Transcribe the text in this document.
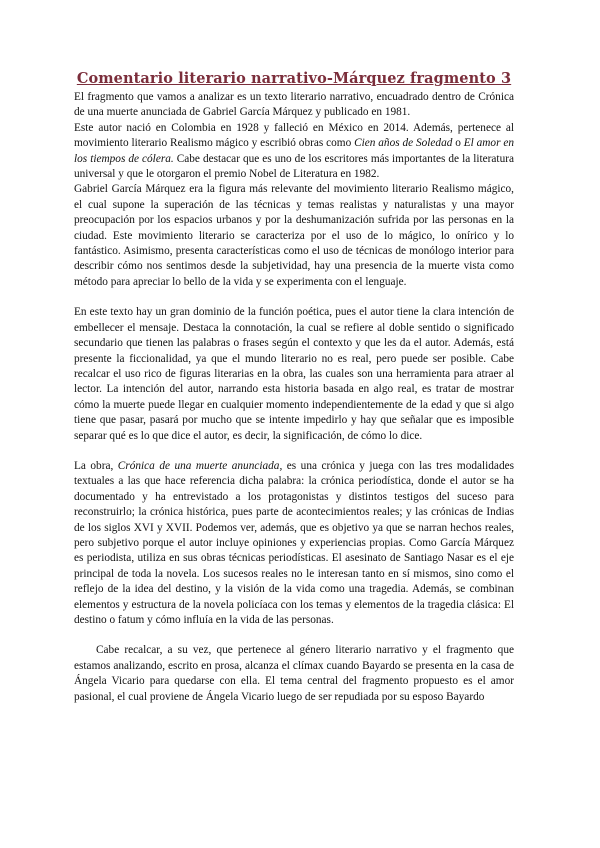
Comentario literario narrativo-Márquez fragmento 3

El fragmento que vamos a analizar es un texto literario narrativo, encuadrado dentro de Crónica de una muerte anunciada de Gabriel García Márquez y publicado en 1981.

Este autor nació en Colombia en 1928 y falleció en México en 2014. Además, pertenece al movimiento literario Realismo mágico y escribió obras como Cien años de Soledad o El amor en los tiempos de cólera. Cabe destacar que es uno de los escritores más importantes de la literatura universal y que le otorgaron el premio Nobel de Literatura en 1982.

Gabriel García Márquez era la figura más relevante del movimiento literario Realismo mágico, el cual supone la superación de las técnicas y temas realistas y naturalistas y una mayor preocupación por los espacios urbanos y por la deshumanización sufrida por las personas en la ciudad. Este movimiento literario se caracteriza por el uso de lo mágico, lo onírico y lo fantástico. Asimismo, presenta características como el uso de técnicas de monólogo interior para describir cómo nos sentimos desde la subjetividad, hay una presencia de la muerte vista como método para apreciar lo bello de la vida y se experimenta con el lenguaje.

En este texto hay un gran dominio de la función poética, pues el autor tiene la clara intención de embellecer el mensaje. Destaca la connotación, la cual se refiere al doble sentido o significado secundario que tienen las palabras o frases según el contexto y que les da el autor. Además, está presente la ficcionalidad, ya que el mundo literario no es real, pero puede ser posible. Cabe recalcar el uso rico de figuras literarias en la obra, las cuales son una herramienta para atraer al lector. La intención del autor, narrando esta historia basada en algo real, es tratar de mostrar cómo la muerte puede llegar en cualquier momento independientemente de la edad y que si algo tiene que pasar, pasará por mucho que se intente impedirlo y hay que señalar que es imposible separar qué es lo que dice el autor, es decir, la significación, de cómo lo dice.

La obra, Crónica de una muerte anunciada, es una crónica y juega con las tres modalidades textuales a las que hace referencia dicha palabra: la crónica periodística, donde el autor se ha documentado y ha entrevistado a los protagonistas y distintos testigos del suceso para reconstruirlo; la crónica histórica, pues parte de acontecimientos reales; y las crónicas de Indias de los siglos XVI y XVII. Podemos ver, además, que es objetivo ya que se narran hechos reales, pero subjetivo porque el autor incluye opiniones y experiencias propias. Como García Márquez es periodista, utiliza en sus obras técnicas periodísticas. El asesinato de Santiago Nasar es el eje principal de toda la novela. Los sucesos reales no le interesan tanto en sí mismos, sino como el reflejo de la idea del destino, y la visión de la vida como una tragedia. Además, se combinan elementos y estructura de la novela policíaca con los temas y elementos de la tragedia clásica: El destino o fatum y cómo influía en la vida de las personas.

Cabe recalcar, a su vez, que pertenece al género literario narrativo y el fragmento que estamos analizando, escrito en prosa, alcanza el clímax cuando Bayardo se presenta en la casa de Ángela Vicario para quedarse con ella. El tema central del fragmento propuesto es el amor pasional, el cual proviene de Ángela Vicario luego de ser repudiada por su esposo Bayardo
